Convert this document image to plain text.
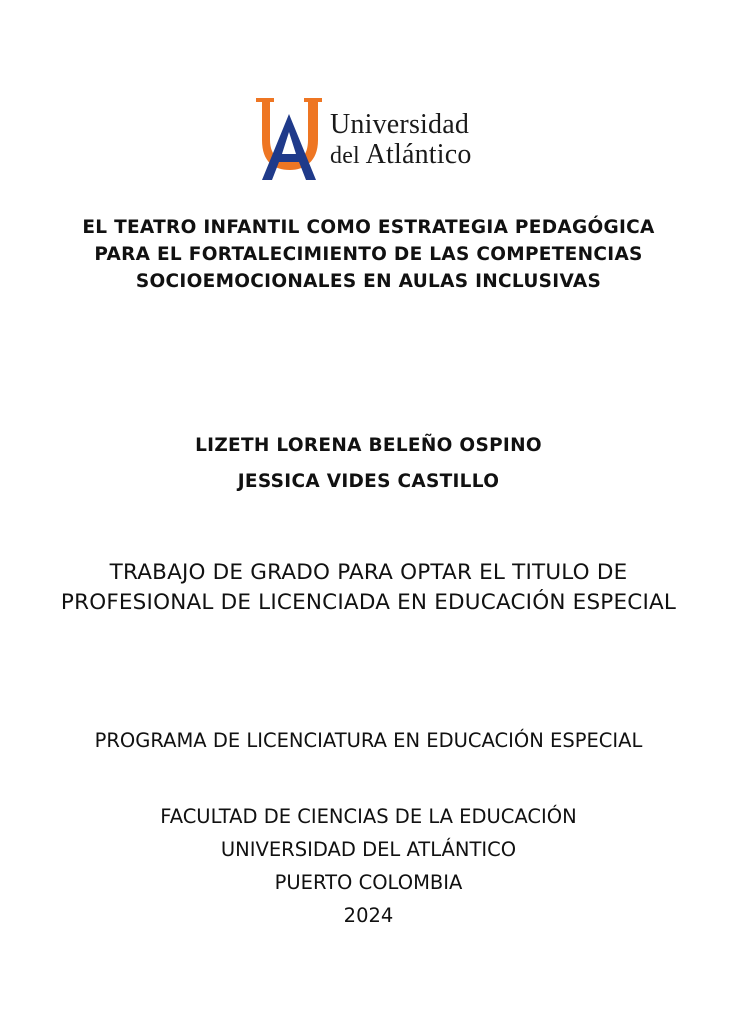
Universidad
del Atlántico
EL TEATRO INFANTIL COMO ESTRATEGIA PEDAGÓGICA PARA EL FORTALECIMIENTO DE LAS COMPETENCIAS SOCIOEMOCIONALES EN AULAS INCLUSIVAS
LIZETH LORENA BELEÑO OSPINO
JESSICA VIDES CASTILLO
TRABAJO DE GRADO PARA OPTAR EL TITULO DE PROFESIONAL DE LICENCIADA EN EDUCACIÓN ESPECIAL
PROGRAMA DE LICENCIATURA EN EDUCACIÓN ESPECIAL
FACULTAD DE CIENCIAS DE LA EDUCACIÓN
UNIVERSIDAD DEL ATLÁNTICO
PUERTO COLOMBIA
2024
